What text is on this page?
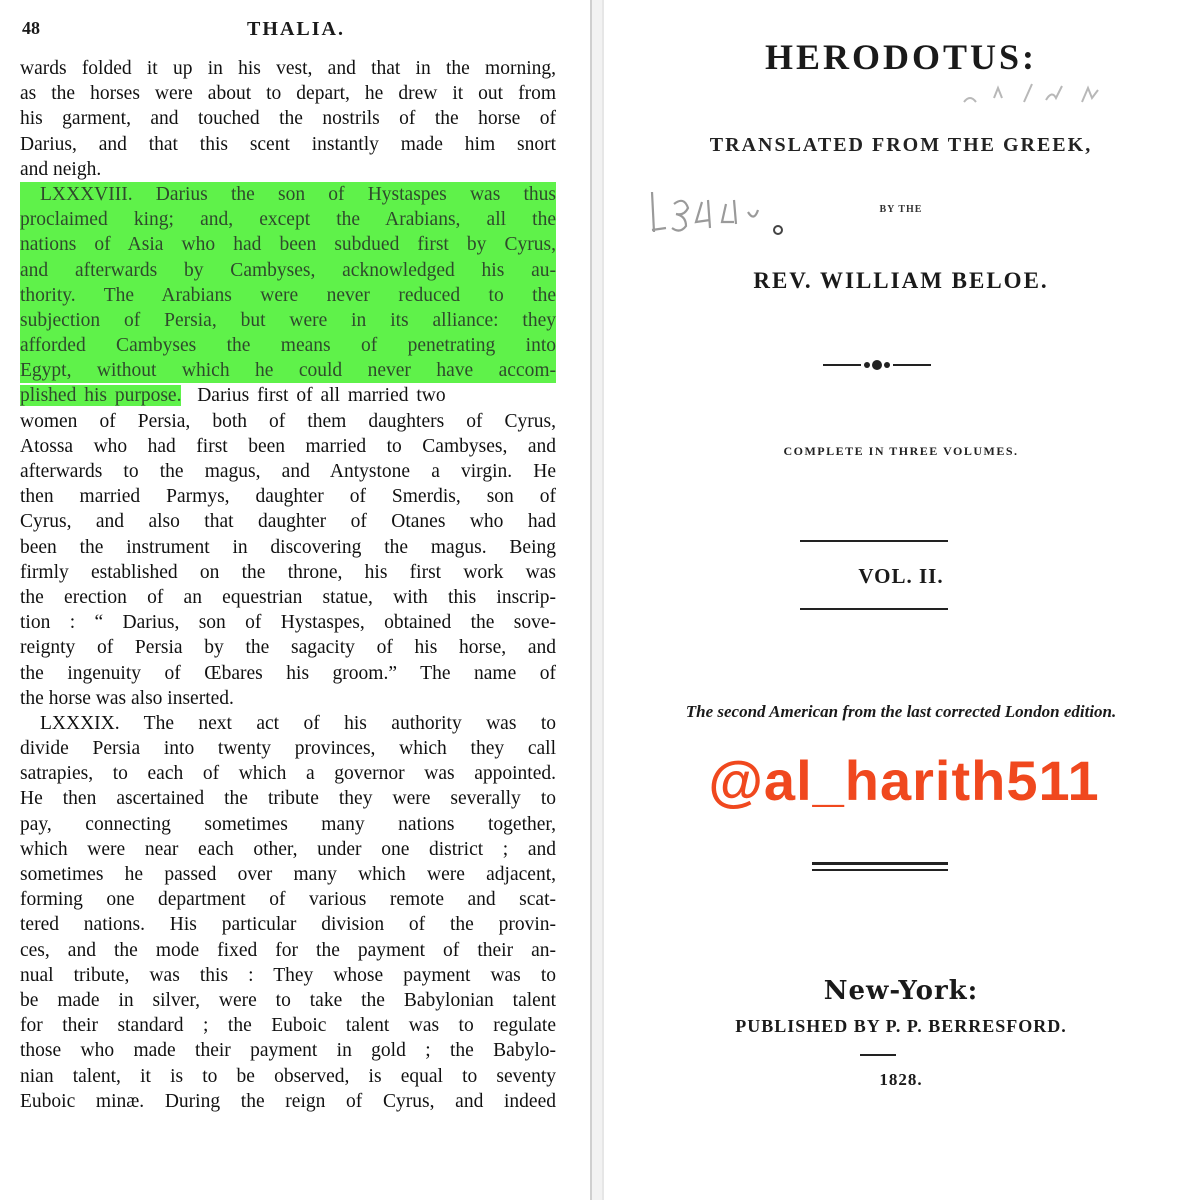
48	THALIA.
wards folded it up in his vest, and that in the morning,
as the horses were about to depart, he drew it out from
his garment, and touched the nostrils of the horse of
Darius, and that this scent instantly made him snort
and neigh.
LXXXVIII. Darius the son of Hystaspes was thus
proclaimed king; and, except the Arabians, all the
nations of Asia who had been subdued first by Cyrus,
and afterwards by Cambyses, acknowledged his au-
thority. The Arabians were never reduced to the
subjection of Persia, but were in its alliance: they
afforded Cambyses the means of penetrating into
Egypt, without which he could never have accom-
plished his purpose.  Darius first of all married two
women of Persia, both of them daughters of Cyrus,
Atossa who had first been married to Cambyses, and
afterwards to the magus, and Antystone a virgin. He
then married Parmys, daughter of Smerdis, son of
Cyrus, and also that daughter of Otanes who had
been the instrument in discovering the magus. Being
firmly established on the throne, his first work was
the erection of an equestrian statue, with this inscrip-
tion : “ Darius, son of Hystaspes, obtained the sove-
reignty of Persia by the sagacity of his horse, and
the ingenuity of Œbares his groom.” The name of
the horse was also inserted.
LXXXIX. The next act of his authority was to
divide Persia into twenty provinces, which they call
satrapies, to each of which a governor was appointed.
He then ascertained the tribute they were severally to
pay, connecting sometimes many nations together,
which were near each other, under one district ; and
sometimes he passed over many which were adjacent,
forming one department of various remote and scat-
tered nations. His particular division of the provin-
ces, and the mode fixed for the payment of their an-
nual tribute, was this : They whose payment was to
be made in silver, were to take the Babylonian talent
for their standard ; the Euboic talent was to regulate
those who made their payment in gold ; the Babylo-
nian talent, it is to be observed, is equal to seventy
Euboic minæ. During the reign of Cyrus, and indeed
HERODOTUS:
TRANSLATED FROM THE GREEK,
BY THE
REV. WILLIAM BELOE.
COMPLETE IN THREE VOLUMES.
VOL. II.
The second American from the last corrected London edition.
@al_harith511
New-York:
PUBLISHED BY P. P. BERRESFORD.
1828.
